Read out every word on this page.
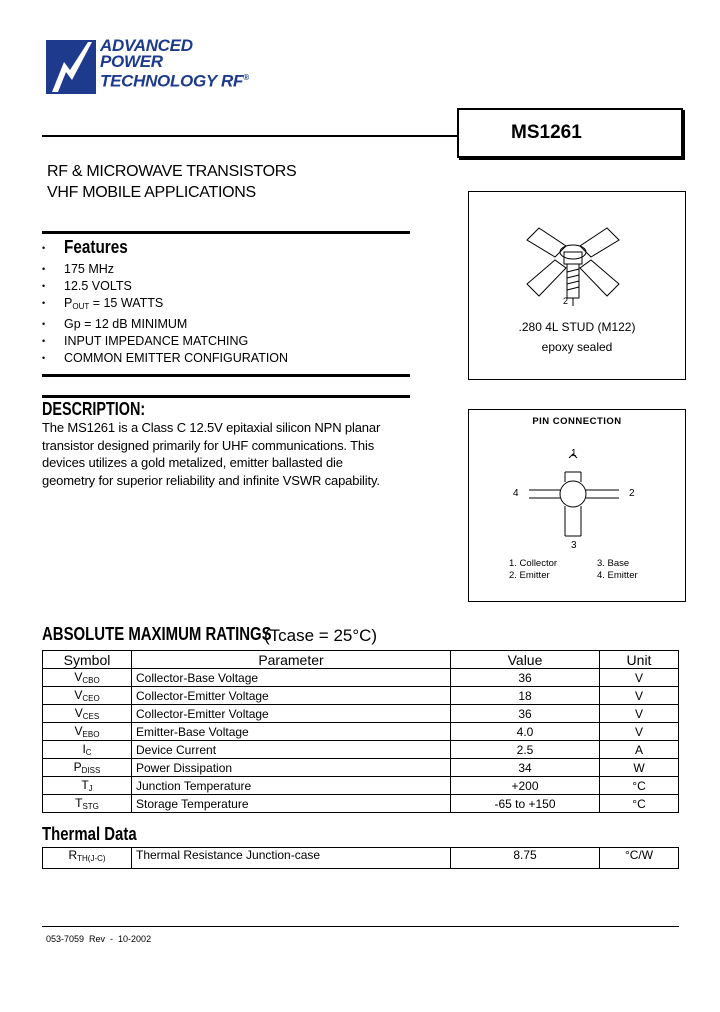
ADVANCED
POWER
TECHNOLOGY RF®
MS1261
RF & MICROWAVE TRANSISTORS
VHF MOBILE APPLICATIONS
• Features
• 175 MHz
• 12.5 VOLTS
• $P_{OUT} = 15$ WATTS
• Gp = 12 dB MINIMUM
• INPUT IMPEDANCE MATCHING
• COMMON EMITTER CONFIGURATION
2
.280 4L STUD (M122)
epoxy sealed
DESCRIPTION:
The MS1261 is a Class C 12.5V epitaxial silicon NPN planar
transistor designed primarily for UHF communications. This
devices utilizes a gold metalized, emitter ballasted die
geometry for superior reliability and infinite VSWR capability.
PIN CONNECTION
1
4	2
3
1. Collector	3. Base
2. Emitter	4. Emitter
ABSOLUTE MAXIMUM RATINGS
(Tcase = 25°C)
Symbol	Parameter	Value	Unit
$V_{CBO}$	Collector-Base Voltage	36	V
$V_{CEO}$	Collector-Emitter Voltage	18	V
$V_{CES}$	Collector-Emitter Voltage	36	V
$V_{EBO}$	Emitter-Base Voltage	4.0	V
$I_C$	Device Current	2.5	A
$P_{DISS}$	Power Dissipation	34	W
$T_J$	Junction Temperature	+200	°C
$T_{STG}$	Storage Temperature	-65 to +150	°C
Thermal Data
$R_{TH(J-C)}$	Thermal Resistance Junction-case	8.75	°C/W
053-7059  Rev  -  10-2002
